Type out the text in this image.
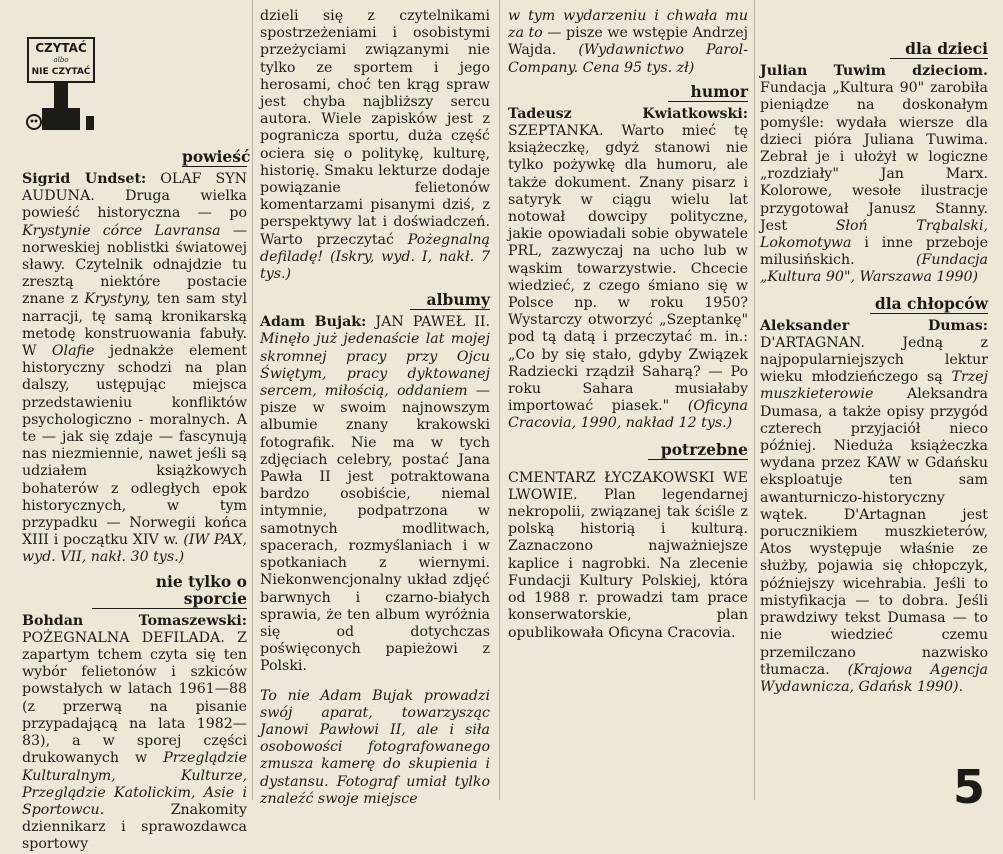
CZYTAĆ
albo
NIE CZYTAĆ
powieść

Sigrid Undset: OLAF SYN AUDUNA. Druga wielka powieść historyczna — po Krystynie córce Lavransa — norweskiej noblistki światowej sławy. Czytelnik odnajdzie tu zresztą niektóre postacie znane z Krystyny, ten sam styl narracji, tę samą kronikarską metodę konstruowania fabuły. W Olafie jednakże element historyczny schodzi na plan dalszy, ustępując miejsca przedstawieniu konfliktów psychologiczno - moralnych. A te — jak się zdaje — fascynują nas niezmiennie, nawet jeśli są udziałem książkowych bohaterów z odległych epok historycznych, w tym przypadku — Norwegii końca XIII i początku XIV w. (IW PAX, wyd. VII, nakł. 30 tys.)

nie tylko o sporcie

Bohdan Tomaszewski: POŻEGNALNA DEFILADA. Z zapartym tchem czyta się ten wybór felietonów i szkiców powstałych w latach 1961—88 (z przerwą na pisanie przypadającą na lata 1982—83), a w sporej części drukowanych w Przeglądzie Kulturalnym, Kulturze, Przeglądzie Katolickim, Asie i Sportowcu.	Znakomity dziennikarz i sprawozdawca sportowy

dzieli się z czytelnikami spostrzeżeniami i osobistymi przeżyciami związanymi nie tylko ze sportem i jego herosami, choć ten krąg spraw jest chyba najbliższy sercu autora. Wiele zapisków jest z pogranicza sportu, duża część ociera się o politykę, kulturę, historię. Smaku lekturze dodaje powiązanie felietonów komentarzami pisanymi dziś, z perspektywy lat i doświadczeń. Warto przeczytać Pożegnalną defiladę! (Iskry, wyd. I, nakł. 7 tys.)

albumy

Adam Bujak: JAN PAWEŁ II. Minęło już jedenaście lat mojej skromnej pracy przy Ojcu Świętym, pracy dyktowanej sercem, miłością, oddaniem — pisze w swoim najnowszym albumie znany krakowski fotografik. Nie ma w tych zdjęciach celebry, postać Jana Pawła II jest potraktowana bardzo osobiście, niemal intymnie, podpatrzona w samotnych modlitwach, spacerach, rozmyślaniach i w spotkaniach z wiernymi. Niekonwencjonalny układ zdjęć barwnych i czarno-białych sprawia, że ten album wyróżnia się od dotychczas poświęconych papieżowi z Polski.

To nie Adam Bujak prowadzi swój aparat, towarzysząc Janowi Pawłowi II, ale i siła osobowości fotografowanego zmusza kamerę do skupienia i dystansu. Fotograf umiał tylko znaleźć swoje miejsce

w tym wydarzeniu i chwała mu za to — pisze we wstępie Andrzej Wajda. (Wydawnictwo Parol-Company. Cena 95 tys. zł)

humor

Tadeusz Kwiatkowski: SZEPTANKA. Warto mieć tę książeczkę, gdyż stanowi nie tylko pożywkę dla humoru, ale także dokument. Znany pisarz i satyryk w ciągu wielu lat notował dowcipy polityczne, jakie opowiadali sobie obywatele PRL, zazwyczaj na ucho lub w wąskim towarzystwie. Chcecie wiedzieć, z czego śmiano się w Polsce np. w roku 1950? Wystarczy otworzyć „Szeptankę" pod tą datą i przeczytać m. in.: „Co by się stało, gdyby Związek Radziecki rządził Saharą? — Po roku Sahara musiałaby importować piasek." (Oficyna Cracovia, 1990, nakład 12 tys.)

potrzebne

CMENTARZ ŁYCZAKOWSKI WE LWOWIE. Plan legendarnej nekropolii, związanej tak ściśle z polską historią i kulturą. Zaznaczono najważniejsze kaplice i nagrobki. Na zlecenie Fundacji Kultury Polskiej, która od 1988 r. prowadzi tam prace konserwatorskie, plan opublikowała Oficyna Cracovia.

dla dzieci

Julian Tuwim dzieciom. Fundacja „Kultura 90" zarobiła pieniądze na doskonałym pomyśle: wydała wiersze dla dzieci pióra Juliana Tuwima. Zebrał je i ułożył w logiczne „rozdziały" Jan Marx. Kolorowe, wesołe ilustracje przygotował Janusz Stanny. Jest	Słoń Trąbalski, Lokomotywa i inne przeboje milusińskich.	(Fundacja „Kultura 90", Warszawa 1990)

dla chłopców

Aleksander Dumas: D'ARTAGNAN.	Jedną z najpopularniejszych lektur wieku młodzieńczego są Trzej muszkieterowie Aleksandra Dumasa, a także opisy przygód czterech przyjaciół nieco później. Nieduża książeczka wydana przez KAW w Gdańsku eksploatuje ten sam awanturniczo-historyczny wątek. D'Artagnan jest porucznikiem muszkieterów, Atos występuje właśnie ze służby, pojawia się chłopczyk, późniejszy wicehrabia. Jeśli to mistyfikacja — to dobra. Jeśli prawdziwy tekst Dumasa — to nie wiedzieć czemu przemilczano nazwisko tłumacza. (Krajowa Agencja Wydawnicza, Gdańsk 1990).

5
